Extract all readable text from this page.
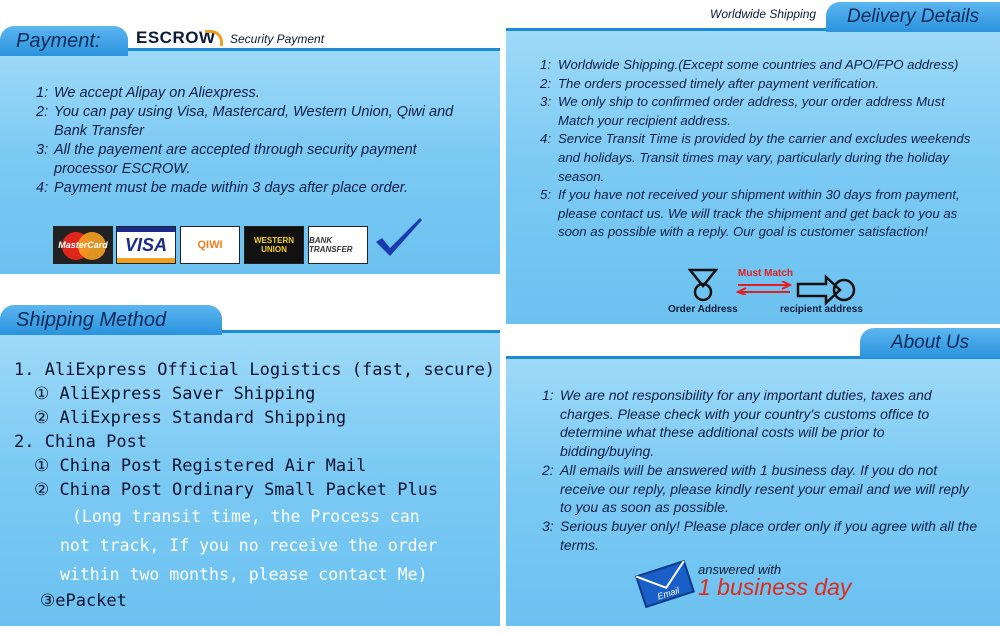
Payment:	ESCROW Security Payment
1: We accept Alipay on Aliexpress.
2: You can pay using Visa, Mastercard, Western Union, Qiwi and Bank Transfer
3: All the payement are accepted through security payment processor ESCROW.
4: Payment must be made within 3 days after place order.
MasterCard VISA	QIWI	WESTERN UNION
BANK TRANSFER
Shipping Method
1. AliExpress Official Logistics (fast, secure)
① AliExpress Saver Shipping
② AliExpress Standard Shipping
2. China Post
① China Post Registered Air Mail
② China Post Ordinary Small Packet Plus
(Long transit time, the Process can
not track, If you no receive the order
within two months, please contact Me)
③ePacket
Worldwide Shipping	Delivery Details
1: Worldwide Shipping.(Except some countries and APO/FPO address)
2: The orders processed timely after payment verification.
3: We only ship to confirmed order address, your order address Must Match your recipient address.
4: Service Transit Time is provided by the carrier and excludes weekends and holidays. Transit times may vary, particularly during the holiday season.
5: If you have not received your shipment within 30 days from payment, please contact us. We will track the shipment and get back to you as soon as possible with a reply. Our goal is customer satisfaction!
Order Address
Must Match
recipient address
About Us
1: We are not responsibility for any important duties, taxes and charges. Please check with your country's customs office to determine what these additional costs will be prior to bidding/buying.
2: All emails will be answered with 1 business day. If you do not receive our reply, please kindly resent your email and we will reply to you as soon as possible.
3: Serious buyer only! Please place order only if you agree with all the terms.
Email
answered with
1 business day
